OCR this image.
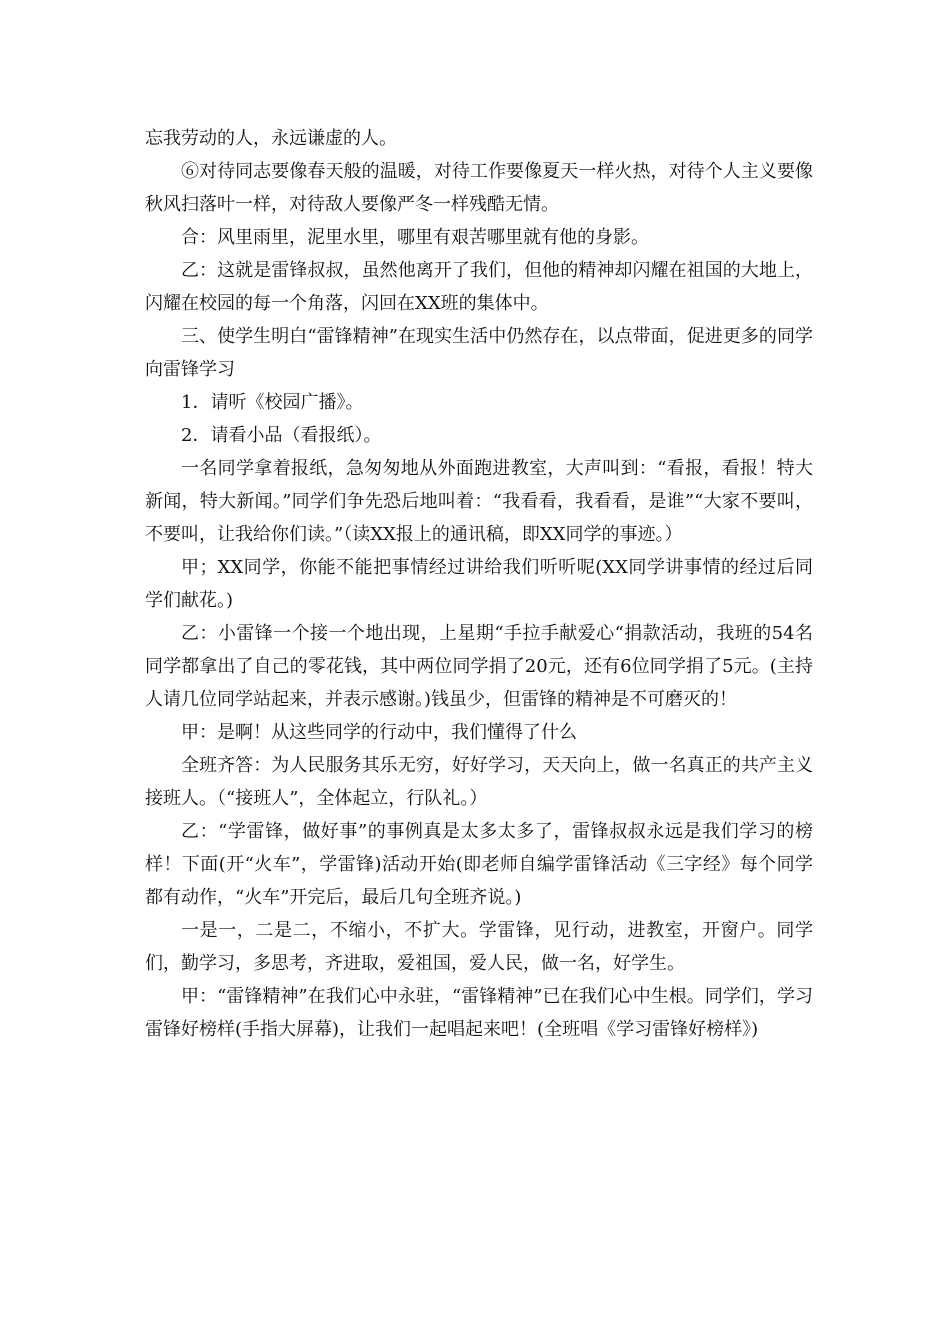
忘我劳动的人，永远谦虚的人。

⑥对待同志要像春天般的温暖，对待工作要像夏天一样火热，对待个人主义要像秋风扫落叶一样，对待敌人要像严冬一样残酷无情。

合：风里雨里，泥里水里，哪里有艰苦哪里就有他的身影。

乙：这就是雷锋叔叔，虽然他离开了我们，但他的精神却闪耀在祖国的大地上，闪耀在校园的每一个角落，闪回在XX班的集体中。

三、使学生明白“雷锋精神”在现实生活中仍然存在，以点带面，促进更多的同学向雷锋学习

1．请听《校园广播》。

2．请看小品（看报纸）。

一名同学拿着报纸，急匆匆地从外面跑进教室，大声叫到：“看报，看报！特大新闻，特大新闻。”同学们争先恐后地叫着：“我看看，我看看，是谁”“大家不要叫，不要叫，让我给你们读。”（读XX报上的通讯稿，即XX同学的事迹。）

甲；XX同学，你能不能把事情经过讲给我们听听呢(XX同学讲事情的经过后同学们献花。)

乙：小雷锋一个接一个地出现，上星期“手拉手献爱心“捐款活动，我班的54名同学都拿出了自己的零花钱，其中两位同学捐了20元，还有6位同学捐了5元。(主持人请几位同学站起来，并表示感谢。)钱虽少，但雷锋的精神是不可磨灭的！

甲：是啊！从这些同学的行动中，我们懂得了什么

全班齐答：为人民服务其乐无穷，好好学习，天天向上，做一名真正的共产主义接班人。（“接班人”，全体起立，行队礼。）

乙：“学雷锋，做好事”的事例真是太多太多了，雷锋叔叔永远是我们学习的榜样！下面(开“火车”，学雷锋)活动开始(即老师自编学雷锋活动《三字经》每个同学都有动作，“火车”开完后，最后几句全班齐说。)

一是一，二是二，不缩小，不扩大。学雷锋，见行动，进教室，开窗户。同学们，勤学习，多思考，齐进取，爱祖国，爱人民，做一名，好学生。

甲：“雷锋精神”在我们心中永驻，“雷锋精神”已在我们心中生根。同学们，学习雷锋好榜样(手指大屏幕)，让我们一起唱起来吧！(全班唱《学习雷锋好榜样》)
